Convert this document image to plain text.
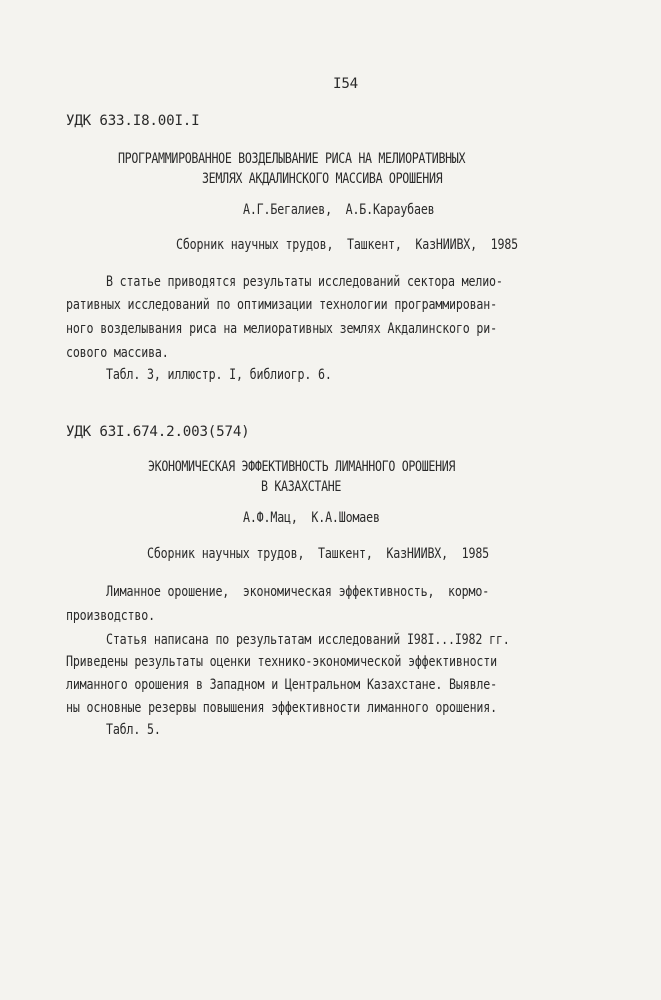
I54
УДК 633.I8.00I.I
ПРОГРАММИРОВАННОЕ ВОЗДЕЛЫВАНИЕ РИСА НА МЕЛИОРАТИВНЫХ
ЗЕМЛЯХ АКДАЛИНСКОГО МАССИВА ОРОШЕНИЯ
А.Г.Бегалиев,  А.Б.Караубаев
Сборник научных трудов,  Ташкент,  КазНИИВХ,  1985
В статье приводятся результаты исследований сектора мелио-
ративных исследований по оптимизации технологии программирован-
ного возделывания риса на мелиоративных землях Акдалинского ри-
сового массива.
Табл. 3, иллюстр. I, библиогр. 6.
УДК 63I.674.2.003(574)
ЭКОНОМИЧЕСКАЯ ЭФФЕКТИВНОСТЬ ЛИМАННОГО ОРОШЕНИЯ
В КАЗАХСТАНЕ
А.Ф.Мац,  К.А.Шомаев
Сборник научных трудов,  Ташкент,  КазНИИВХ,  1985
Лиманное орошение,  экономическая эффективность,  кормо-
производство.
Статья написана по результатам исследований I98I...I982 гг.
Приведены результаты оценки технико-экономической эффективности
лиманного орошения в Западном и Центральном Казахстане. Выявле-
ны основные резервы повышения эффективности лиманного орошения.
Табл. 5.
